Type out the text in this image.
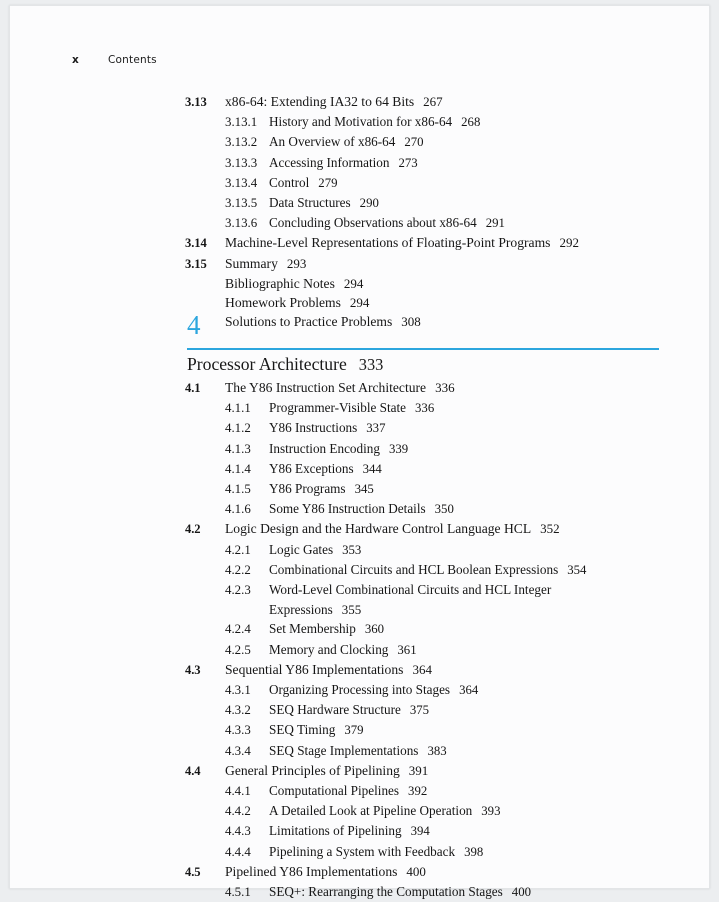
x	Contents
3.13	x86-64: Extending IA32 to 64 Bits 267
3.13.1 History and Motivation for x86-64 268
3.13.2 An Overview of x86-64 270
3.13.3 Accessing Information 273
3.13.4 Control 279
3.13.5 Data Structures 290
3.13.6 Concluding Observations about x86-64 291
3.14	Machine-Level Representations of Floating-Point Programs 292
3.15	Summary 293
Bibliographic Notes 294
Homework Problems 294
Solutions to Practice Problems 308
4
Processor Architecture 333
4.1	The Y86 Instruction Set Architecture 336
4.1.1	Programmer-Visible State 336
4.1.2	Y86 Instructions 337
4.1.3	Instruction Encoding 339
4.1.4	Y86 Exceptions 344
4.1.5	Y86 Programs 345
4.1.6	Some Y86 Instruction Details 350
4.2	Logic Design and the Hardware Control Language HCL 352
4.2.1	Logic Gates 353
4.2.2	Combinational Circuits and HCL Boolean Expressions 354
4.2.3	Word-Level Combinational Circuits and HCL Integer
Expressions 355
4.2.4	Set Membership 360
4.2.5	Memory and Clocking 361
4.3	Sequential Y86 Implementations 364
4.3.1	Organizing Processing into Stages 364
4.3.2	SEQ Hardware Structure 375
4.3.3	SEQ Timing 379
4.3.4	SEQ Stage Implementations 383
4.4	General Principles of Pipelining 391
4.4.1	Computational Pipelines 392
4.4.2	A Detailed Look at Pipeline Operation 393
4.4.3	Limitations of Pipelining 394
4.4.4	Pipelining a System with Feedback 398
4.5	Pipelined Y86 Implementations 400
4.5.1	SEQ+: Rearranging the Computation Stages 400
